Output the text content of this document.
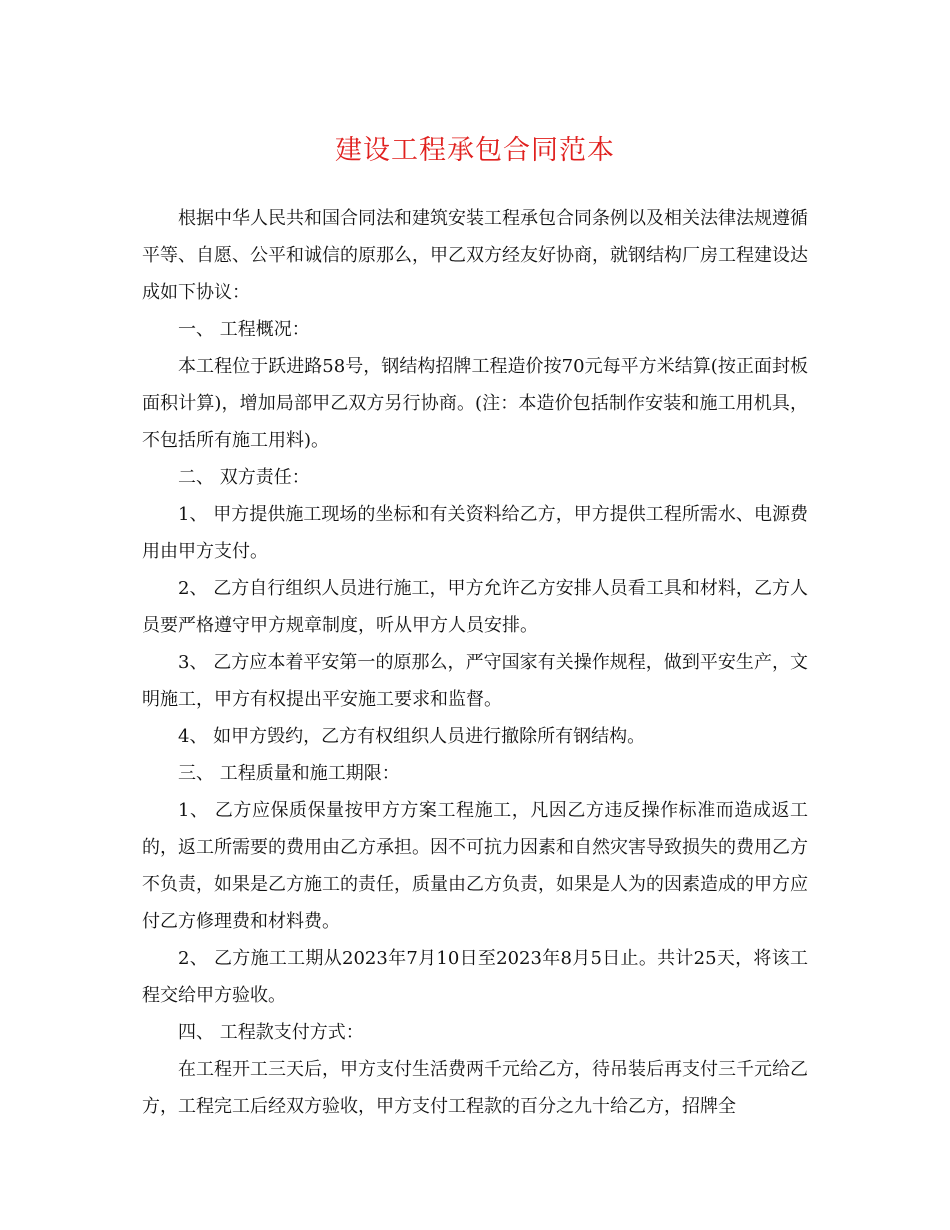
建设工程承包合同范本

根据中华人民共和国合同法和建筑安装工程承包合同条例以及相关法律法规遵循平等、自愿、公平和诚信的原那么，甲乙双方经友好协商，就钢结构厂房工程建设达成如下协议：

一、 工程概况：

本工程位于跃进路58号，钢结构招牌工程造价按70元每平方米结算(按正面封板面积计算)，增加局部甲乙双方另行协商。(注：本造价包括制作安装和施工用机具，不包括所有施工用料)。

二、 双方责任：

1、 甲方提供施工现场的坐标和有关资料给乙方，甲方提供工程所需水、电源费用由甲方支付。

2、 乙方自行组织人员进行施工，甲方允许乙方安排人员看工具和材料，乙方人员要严格遵守甲方规章制度，听从甲方人员安排。

3、 乙方应本着平安第一的原那么，严守国家有关操作规程，做到平安生产，文明施工，甲方有权提出平安施工要求和监督。

4、 如甲方毁约，乙方有权组织人员进行撤除所有钢结构。

三、 工程质量和施工期限：

1、 乙方应保质保量按甲方方案工程施工，凡因乙方违反操作标准而造成返工的，返工所需要的费用由乙方承担。因不可抗力因素和自然灾害导致损失的费用乙方不负责，如果是乙方施工的责任，质量由乙方负责，如果是人为的因素造成的甲方应付乙方修理费和材料费。

2、 乙方施工工期从2023年7月10日至2023年8月5日止。共计25天，将该工程交给甲方验收。

四、 工程款支付方式：

在工程开工三天后，甲方支付生活费两千元给乙方，待吊装后再支付三千元给乙方，工程完工后经双方验收，甲方支付工程款的百分之九十给乙方，招牌全
